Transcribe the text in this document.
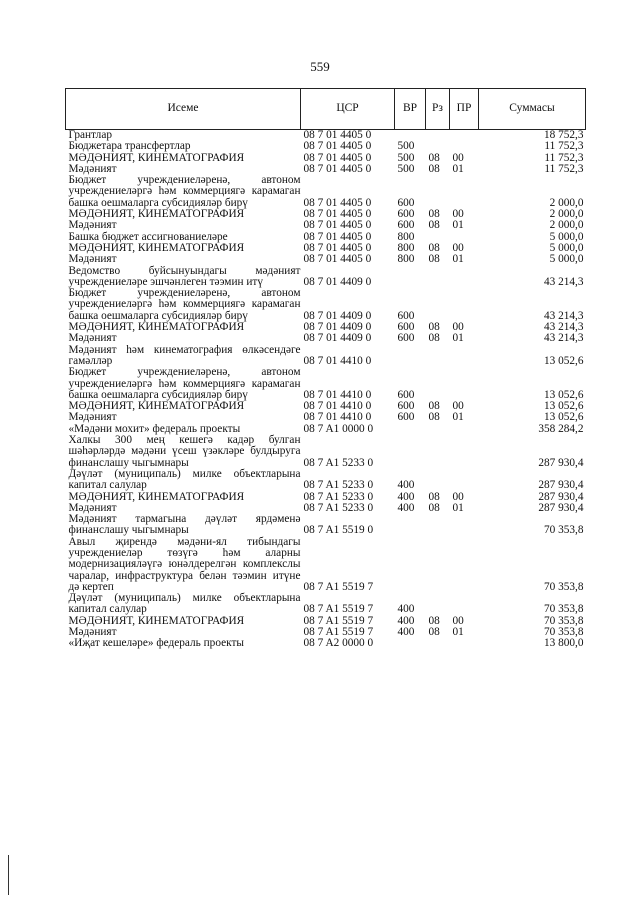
559
Исеме	ЦСР	ВР	Рз	ПР	Суммасы
Грантлар	08 7 01 4405 0				18 752,3
Бюджетара трансфертлар	08 7 01 4405 0	500			11 752,3
МӘДӘНИЯТ, КИНЕМАТОГРАФИЯ	08 7 01 4405 0	500	08	00	11 752,3
Мәдәният	08 7 01 4405 0	500	08	01	11 752,3
Бюджет учреждениеләренә, автоном учреждениеләргә һәм коммерциягә карамаган башка оешмаларга субсидияләр бирү	08 7 01 4405 0	600			2 000,0
МӘДӘНИЯТ, КИНЕМАТОГРАФИЯ	08 7 01 4405 0	600	08	00	2 000,0
Мәдәният	08 7 01 4405 0	600	08	01	2 000,0
Башка бюджет ассигнованиеләре	08 7 01 4405 0	800			5 000,0
МӘДӘНИЯТ, КИНЕМАТОГРАФИЯ	08 7 01 4405 0	800	08	00	5 000,0
Мәдәният	08 7 01 4405 0	800	08	01	5 000,0
Ведомство буйсынуындагы мәдәният учреждениеләре эшчәнлеген тәэмин итү	08 7 01 4409 0				43 214,3
Бюджет учреждениеләренә, автоном учреждениеләргә һәм коммерциягә карамаган башка оешмаларга субсидияләр бирү	08 7 01 4409 0	600			43 214,3
МӘДӘНИЯТ, КИНЕМАТОГРАФИЯ	08 7 01 4409 0	600	08	00	43 214,3
Мәдәният	08 7 01 4409 0	600	08	01	43 214,3
Мәдәният һәм кинематография өлкәсендәге гамәлләр	08 7 01 4410 0				13 052,6
Бюджет учреждениеләренә, автоном учреждениеләргә һәм коммерциягә карамаган башка оешмаларга субсидияләр бирү	08 7 01 4410 0	600			13 052,6
МӘДӘНИЯТ, КИНЕМАТОГРАФИЯ	08 7 01 4410 0	600	08	00	13 052,6
Мәдәният	08 7 01 4410 0	600	08	01	13 052,6
«Мәдәни мохит» федераль проекты	08 7 A1 0000 0				358 284,2
Халкы 300 мең кешегә кадәр булган шәһәрләрдә мәдәни үсеш үзәкләре булдыруга финанслашу чыгымнары	08 7 A1 5233 0				287 930,4
Дәүләт (муниципаль) милке объектларына капитал салулар	08 7 A1 5233 0	400			287 930,4
МӘДӘНИЯТ, КИНЕМАТОГРАФИЯ	08 7 A1 5233 0	400	08	00	287 930,4
Мәдәният	08 7 A1 5233 0	400	08	01	287 930,4
Мәдәният тармагына дәүләт ярдәменә финанслашу чыгымнары	08 7 A1 5519 0				70 353,8
Авыл җирендә мәдәни-ял тибындагы учреждениеләр төзүгә һәм аларны модернизацияләүгә юнәлдерелгән комплекслы чаралар, инфраструктура белән тәэмин итүне дә кертеп	08 7 A1 5519 7				70 353,8
Дәүләт (муниципаль) милке объектларына капитал салулар	08 7 A1 5519 7	400			70 353,8
МӘДӘНИЯТ, КИНЕМАТОГРАФИЯ	08 7 A1 5519 7	400	08	00	70 353,8
Мәдәният	08 7 A1 5519 7	400	08	01	70 353,8
«Иҗат кешеләре» федераль проекты	08 7 A2 0000 0				13 800,0
